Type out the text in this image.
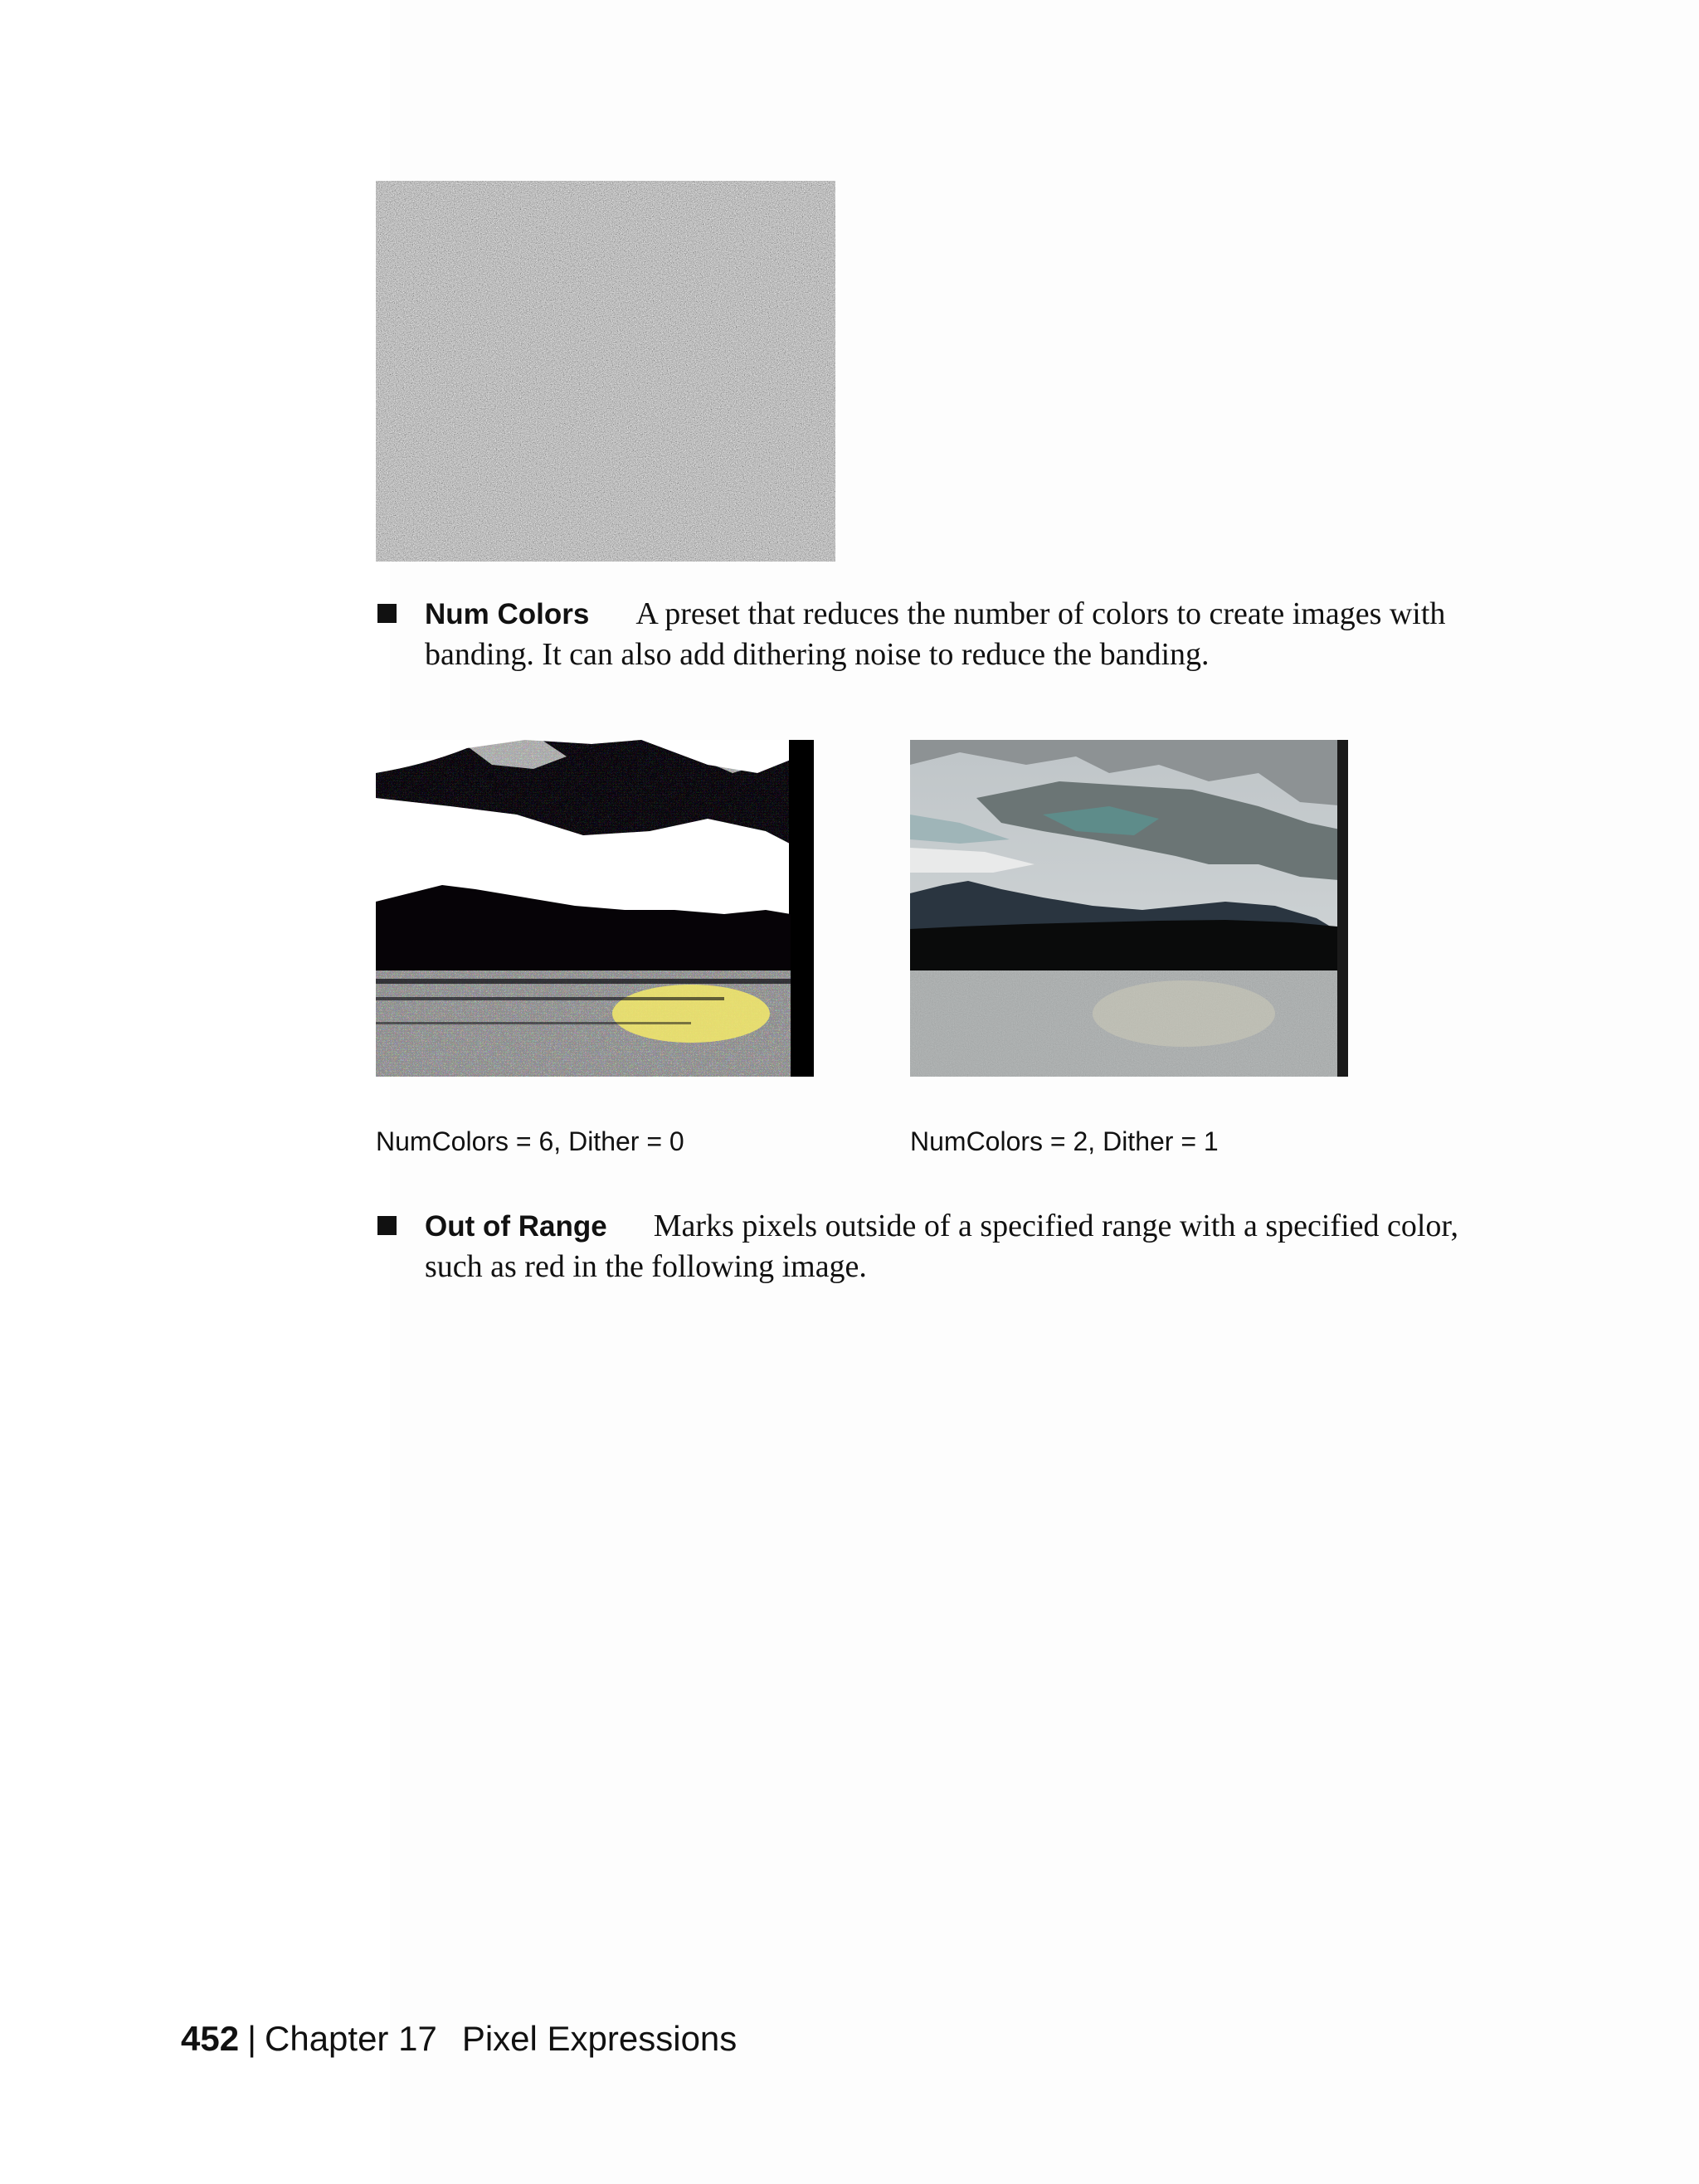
Num Colors A preset that reduces the number of colors to create images with banding. It can also add dithering noise to reduce the banding.
NumColors = 6, Dither = 0	NumColors = 2, Dither = 1
Out of Range Marks pixels outside of a specified range with a specified color, such as red in the following image.
452 | Chapter 17 Pixel Expressions
